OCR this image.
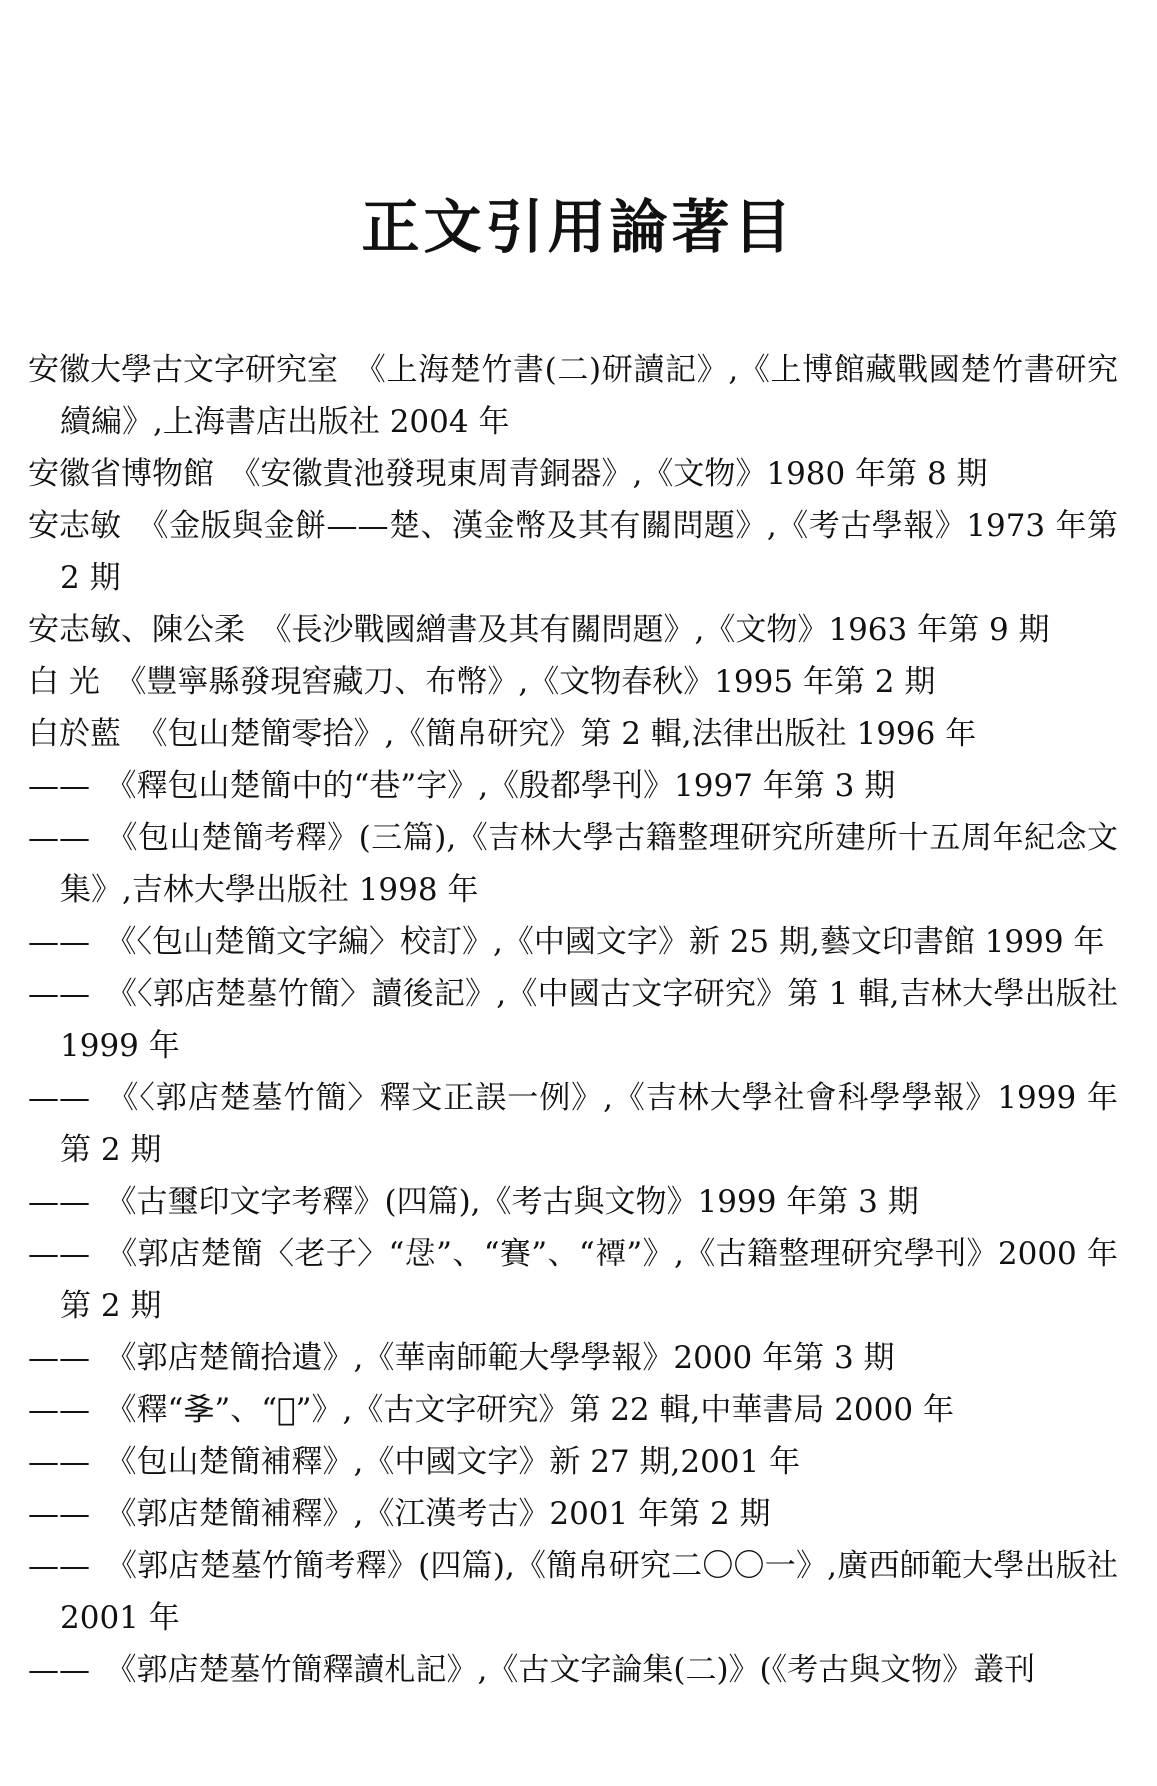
正文引用論著目

安徽大學古文字研究室　 《上海楚竹書(二)研讀記》,《上博館藏戰國楚竹書研究續編》,上海書店出版社 2004 年

安徽省博物館　 《安徽貴池發現東周青銅器》,《文物》1980 年第 8 期

安志敏　 《金版與金餅——楚、漢金幣及其有關問題》,《考古學報》1973 年第 2 期

安志敏、陳公柔　 《長沙戰國繒書及其有關問題》,《文物》1963 年第 9 期

白 光　 《豐寧縣發現窖藏刀、布幣》,《文物春秋》1995 年第 2 期

白於藍　 《包山楚簡零拾》,《簡帛研究》第 2 輯,法律出版社 1996 年

——　 《釋包山楚簡中的“巷”字》,《殷都學刊》1997 年第 3 期

——　 《包山楚簡考釋》(三篇),《吉林大學古籍整理研究所建所十五周年紀念文集》,吉林大學出版社 1998 年

——　 《〈包山楚簡文字編〉校訂》,《中國文字》新 25 期,藝文印書館 1999 年

——　 《〈郭店楚墓竹簡〉讀後記》,《中國古文字研究》第 1 輯,吉林大學出版社 1999 年

——　 《〈郭店楚墓竹簡〉釋文正誤一例》,《吉林大學社會科學學報》1999 年第 2 期

——　 《古璽印文字考釋》(四篇),《考古與文物》1999 年第 3 期

——　 《郭店楚簡〈老子〉“𢘓”、“賽”、“𧝓”》,《古籍整理研究學刊》2000 年第 2 期

——　 《郭店楚簡拾遺》,《華南師範大學學報》2000 年第 3 期

——　 《釋“𡥈”、“𤓰”》,《古文字研究》第 22 輯,中華書局 2000 年

——　 《包山楚簡補釋》,《中國文字》新 27 期,2001 年

——　 《郭店楚簡補釋》,《江漢考古》2001 年第 2 期

——　 《郭店楚墓竹簡考釋》(四篇),《簡帛研究二〇〇一》,廣西師範大學出版社 2001 年

——　 《郭店楚墓竹簡釋讀札記》,《古文字論集(二)》(《考古與文物》叢刊
